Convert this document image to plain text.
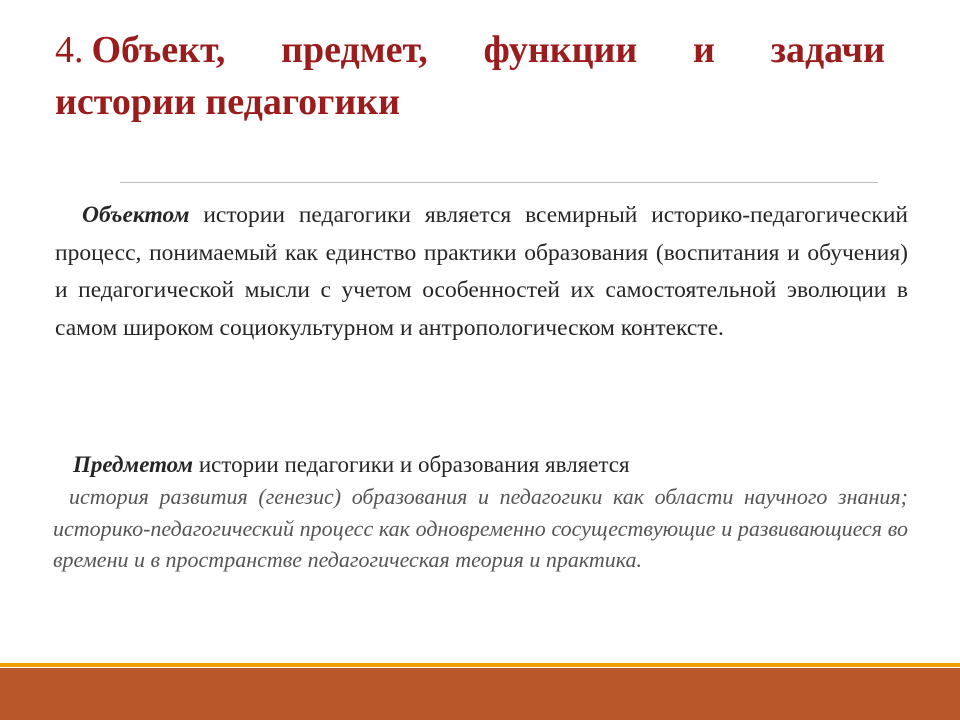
4. Объект, предмет, функции и задачи
истории педагогики
Объектом истории педагогики является всемирный историко-педагогический процесс, понимаемый как единство практики образования (воспитания и обучения) и педагогической мысли с учетом особенностей их самостоятельной эволюции в самом широком социокультурном и антропологическом контексте.
Предметом истории педагогики и образования является
история развития (генезис) образования и педагогики как области научного знания; историко-педагогический процесс как одновременно сосуществующие и развивающиеся во времени и в пространстве педагогическая теория и практика.
